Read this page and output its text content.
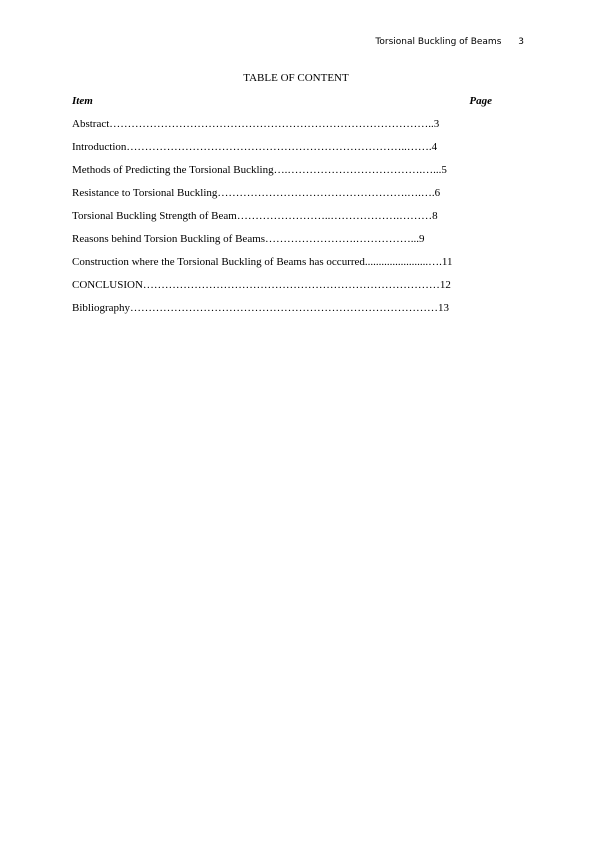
Torsional Buckling of Beams 3
TABLE OF CONTENT
Item	Page
Abstract……………………………………………………………………………..3
Introduction…………………………………………………………………..…….4
Methods of Predicting the Torsional Buckling….……………………………….…...5
Resistance to Torsional Buckling…………………………………………….….….6
Torsional Buckling Strength of Beam……………………..……………….………8
Reasons behind Torsion Buckling of Beams…………………….……………...9
Construction where the Torsional Buckling of Beams has occurred.......................….11
CONCLUSION………………………………………………………………………12
Bibliography…………………………………………………………………………13
